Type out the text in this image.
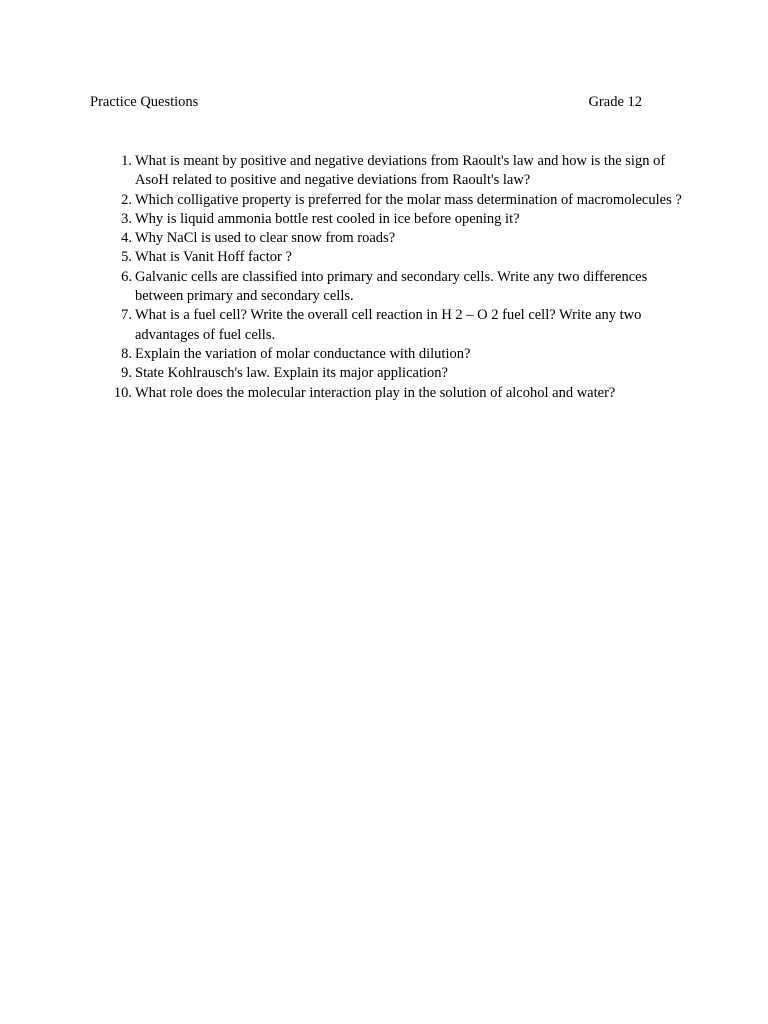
Practice Questions	Grade 12
1. What is meant by positive and negative deviations from Raoult's law and how is the sign of AsoH related to positive and negative deviations from Raoult's law?
2. Which colligative property is preferred for the molar mass determination of macromolecules ?
3. Why is liquid ammonia bottle rest cooled in ice before opening it?
4. Why NaCl is used to clear snow from roads?
5. What is Vanit Hoff factor ?
6. Galvanic cells are classified into primary and secondary cells. Write any two differences between primary and secondary cells.
7. What is a fuel cell? Write the overall cell reaction in H 2 – O 2 fuel cell? Write any two advantages of fuel cells.
8. Explain the variation of molar conductance with dilution?
9. State Kohlrausch's law. Explain its major application?
10. What role does the molecular interaction play in the solution of alcohol and water?
